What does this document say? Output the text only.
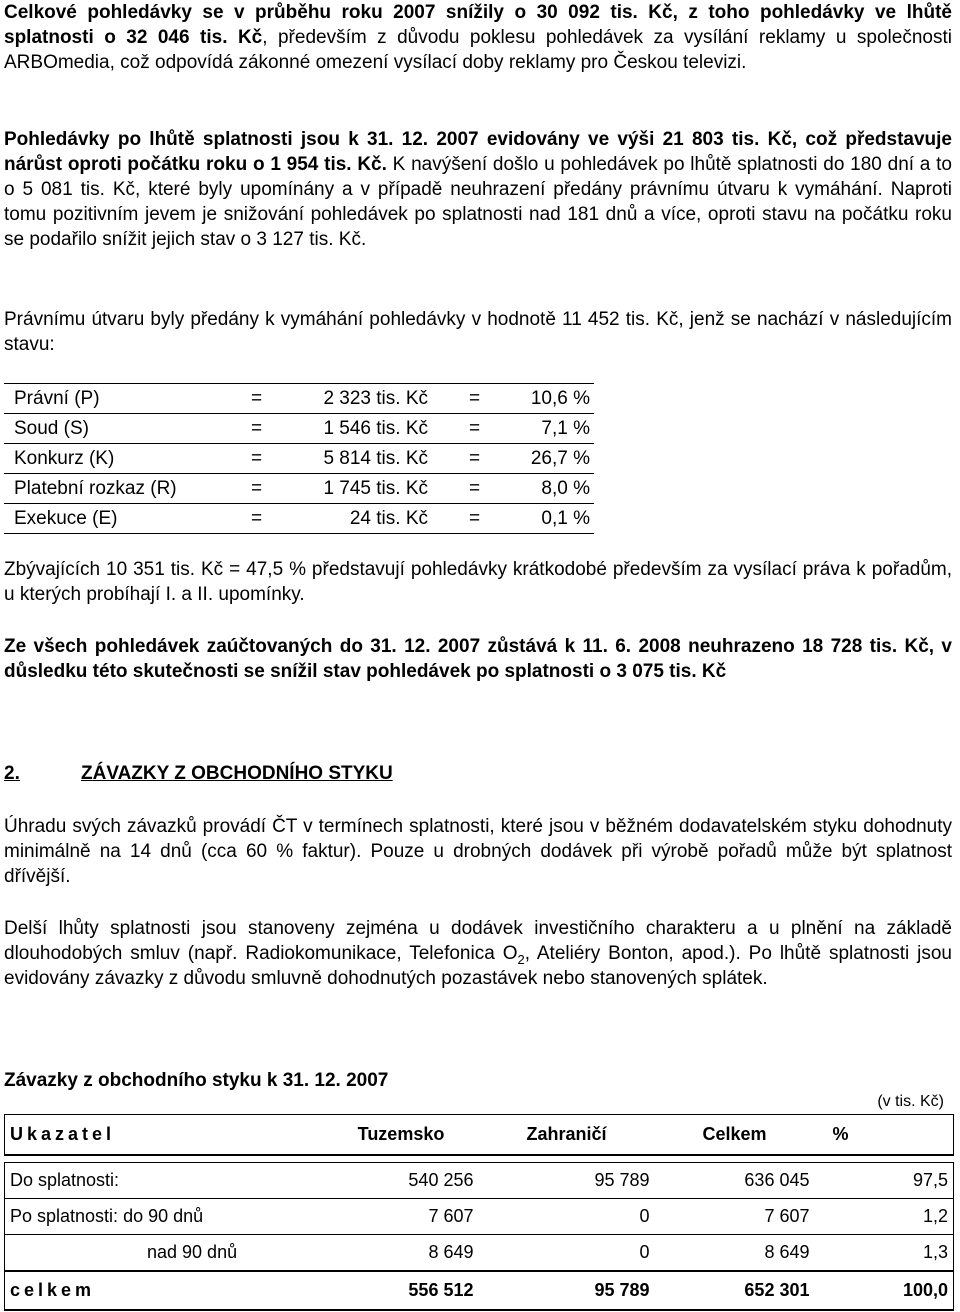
Celkové pohledávky se v průběhu roku 2007 snížily o 30 092 tis. Kč, z toho pohledávky ve lhůtě splatnosti o 32 046 tis. Kč, především z důvodu poklesu pohledávek za vysílání reklamy u společnosti ARBOmedia, což odpovídá zákonné omezení vysílací doby reklamy pro Českou televizi.

Pohledávky po lhůtě splatnosti jsou k 31. 12. 2007 evidovány ve výši 21 803 tis. Kč, což představuje nárůst oproti počátku roku o 1 954 tis. Kč. K navýšení došlo u pohledávek po lhůtě splatnosti do 180 dní a to o 5 081 tis. Kč, které byly upomínány a v případě neuhrazení předány právnímu útvaru k vymáhání. Naproti tomu pozitivním jevem je snižování pohledávek po splatnosti nad 181 dnů a více, oproti stavu na počátku roku se podařilo snížit jejich stav o 3 127 tis. Kč.

Právnímu útvaru byly předány k vymáhání pohledávky v hodnotě 11 452 tis. Kč, jenž se nachází v následujícím stavu:

Právní (P)	=	2 323 tis. Kč =	10,6 %
Soud (S)	=	1 546 tis. Kč =	7,1 %
Konkurz (K)	=	5 814 tis. Kč =	26,7 %
Platební rozkaz (R)	=	1 745 tis. Kč =	8,0 %
Exekuce (E)	=	24 tis. Kč =	0,1 %

Zbývajících 10 351 tis. Kč = 47,5 % představují pohledávky krátkodobé především za vysílací práva k pořadům, u kterých probíhají I. a II. upomínky.

Ze všech pohledávek zaúčtovaných do 31. 12. 2007 zůstává k 11. 6. 2008 neuhrazeno 18 728 tis. Kč, v důsledku této skutečnosti se snížil stav pohledávek po splatnosti o 3 075 tis. Kč

2.	ZÁVAZKY Z OBCHODNÍHO STYKU

Úhradu svých závazků provádí ČT v termínech splatnosti, které jsou v běžném dodavatelském styku dohodnuty minimálně na 14 dnů (cca 60 % faktur). Pouze u drobných dodávek při výrobě pořadů může být splatnost dřívější.

Delší lhůty splatnosti jsou stanoveny zejména u dodávek investičního charakteru a u plnění na základě dlouhodobých smluv (např. Radiokomunikace, Telefonica $O_2$, Ateliéry Bonton, apod.). Po lhůtě splatnosti jsou evidovány závazky z důvodu smluvně dohodnutých pozastávek nebo stanovených splátek.

Závazky z obchodního styku k 31. 12. 2007
(v tis. Kč)
Ukazatel	Tuzemsko	Zahraničí	Celkem	%

Do splatnosti:	540 256	95 789	636 045	97,5
Po splatnosti: do 90 dnů	7 607	0	7 607	1,2
nad 90 dnů	8 649	0	8 649	1,3
celkem	556 512	95 789	652 301	100,0
